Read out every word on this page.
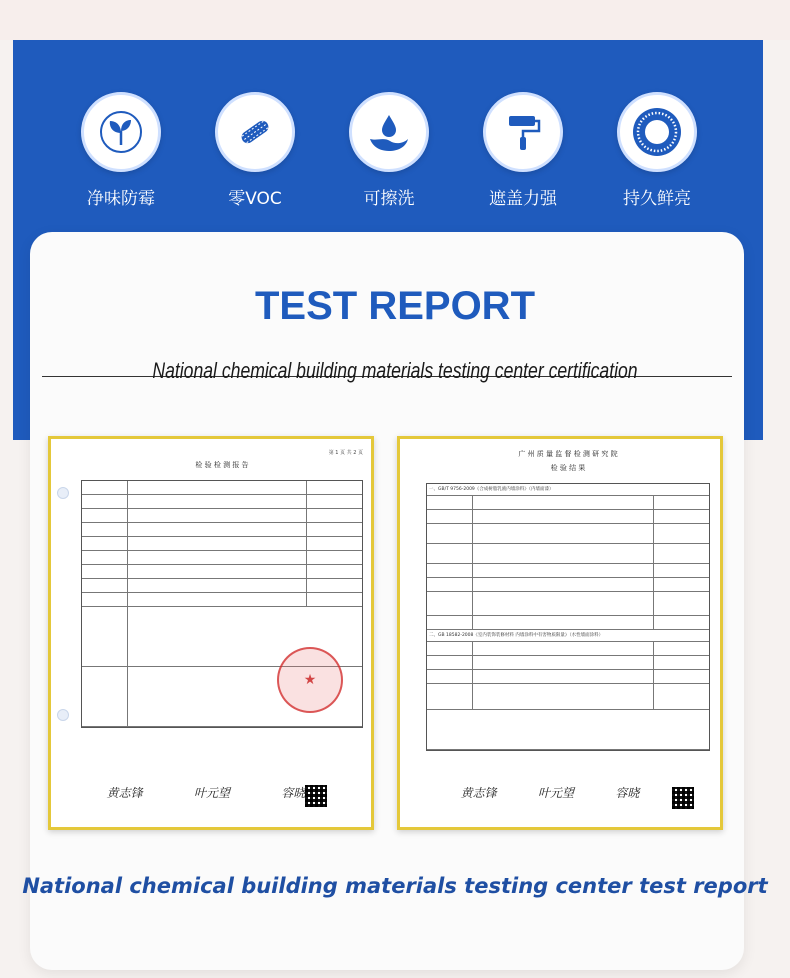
净味防霉	零VOC	可擦洗	遮盖力强	持久鲜亮
TEST REPORT
National chemical building materials testing center certification
第 1 页 共 2 页
检 验 检 测 报 告
★
黄志锋	叶元望	容晓
广 州 质 量 监 督 检 测 研 究 院
检 验 结 果
一、GB/T 9756-2009《合成树脂乳液内墙涂料》（内墙面漆）
二、GB 18582-2008《室内装饰装修材料 内墙涂料中有害物质限量》（水性墙面涂料）
黄志锋	叶元望	容晓
National chemical building materials testing center test report
